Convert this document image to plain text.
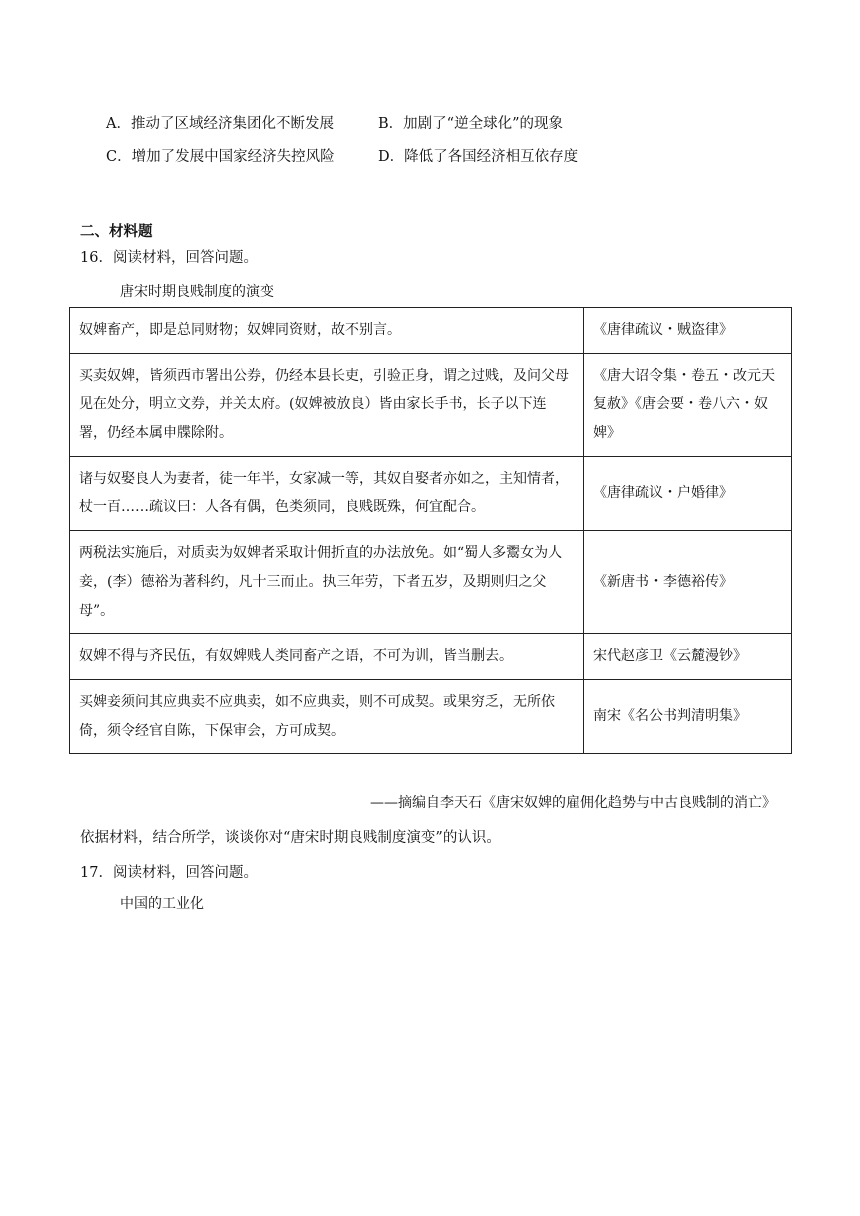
A．推动了区域经济集团化不断发展	B．加剧了“逆全球化”的现象
C．增加了发展中国家经济失控风险	D．降低了各国经济相互依存度
二、材料题
16．阅读材料，回答问题。
唐宋时期良贱制度的演变
奴婢畜产，即是总同财物；奴婢同资财，故不别言。	《唐律疏议・贼盗律》
买卖奴婢，皆须西市署出公券，仍经本县长吏，引验正身，谓之过贱，及问父母见在处分，明立文券，并关太府。(奴婢被放良）皆由家长手书，长子以下连署，仍经本属申牒除附。	《唐大诏令集・卷五・改元天复赦》《唐会要・卷八六・奴婢》
诸与奴娶良人为妻者，徒一年半，女家减一等，其奴自娶者亦如之，主知情者，杖一百……疏议曰：人各有偶，色类须同，良贱既殊，何宜配合。	《唐律疏议・户婚律》
两税法实施后，对质卖为奴婢者采取计佣折直的办法放免。如“蜀人多鬻女为人妾，(李）德裕为著科约，凡十三而止。执三年劳，下者五岁，及期则归之父母”。	《新唐书・李德裕传》
奴婢不得与齐民伍，有奴婢贱人类同畜产之语，不可为训，皆当删去。	宋代赵彦卫《云麓漫钞》
买婢妾须问其应典卖不应典卖，如不应典卖，则不可成契。或果穷乏，无所依倚，须令经官自陈，下保审会，方可成契。	南宋《名公书判清明集》
——摘编自李天石《唐宋奴婢的雇佣化趋势与中古良贱制的消亡》
依据材料，结合所学，谈谈你对“唐宋时期良贱制度演变”的认识。
17．阅读材料，回答问题。
中国的工业化
